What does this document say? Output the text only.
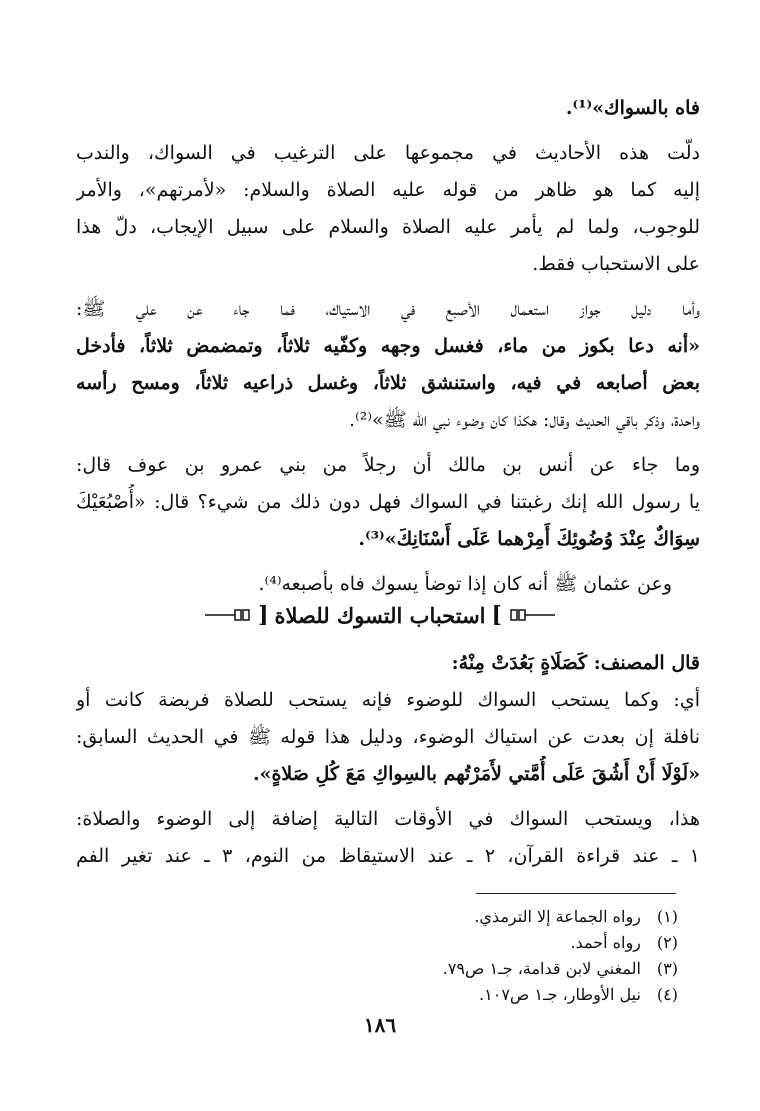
فاه بالسواك»⁽¹⁾.
دلّت هذه الأحاديث في مجموعها على الترغيب في السواك، والندب
إليه كما هو ظاهر من قوله عليه الصلاة والسلام: «لأمرتهم»، والأمر
للوجوب، ولما لم يأمر عليه الصلاة والسلام على سبيل الإيجاب، دلّ هذا
على الاستحباب فقط.
وأما دليل جواز استعمال الأصبع في الاستياك، فما جاء عن علي ﷺ:
«أنه دعا بكوز من ماء، فغسل وجهه وكفّيه ثلاثاً، وتمضمض ثلاثاً، فأدخل
بعض أصابعه في فيه، واستنشق ثلاثاً، وغسل ذراعيه ثلاثاً، ومسح رأسه
واحدة، وذكر باقي الحديث وقال: هكذا كان وضوء نبي الله ﷺ»⁽²⁾.
وما جاء عن أنس بن مالك أن رجلاً من بني عمرو بن عوف قال:
يا رسول الله إنك رغبتنا في السواك فهل دون ذلك من شيء؟ قال: «أُصْبُعَيْكَ
سِوَاكٌ عِنْدَ وُضُوئِكَ أَمِرْهما عَلَى أَسْنَانِكَ»⁽³⁾.
وعن عثمان ﷺ أنه كان إذا توضأ يسوك فاه بأصبعه⁽⁴⁾.
]
استحباب التسوك للصلاة
[
قال المصنف: كَصَلَاةٍ بَعُدَتْ مِنْهُ:
أي: وكما يستحب السواك للوضوء فإنه يستحب للصلاة فريضة كانت أو
نافلة إن بعدت عن استياك الوضوء، ودليل هذا قوله ﷺ في الحديث السابق:
«لَوْلَا أَنْ أَشُقَ عَلَى أُمَّتي لأَمَرْتُهم بالسِواكِ مَعَ كُلِ صَلاةٍ».
هذا، ويستحب السواك في الأوقات التالية إضافة إلى الوضوء والصلاة:
١ ـ عند قراءة القرآن، ٢ ـ عند الاستيقاظ من النوم، ٣ ـ عند تغير الفم
(١) رواه الجماعة إلا الترمذي.
(٢) رواه أحمد.
(٣) المغني لابن قدامة، جـ١ ص٧٩.
(٤) نيل الأوطار، جـ١ ص١٠٧.
١٨٦
